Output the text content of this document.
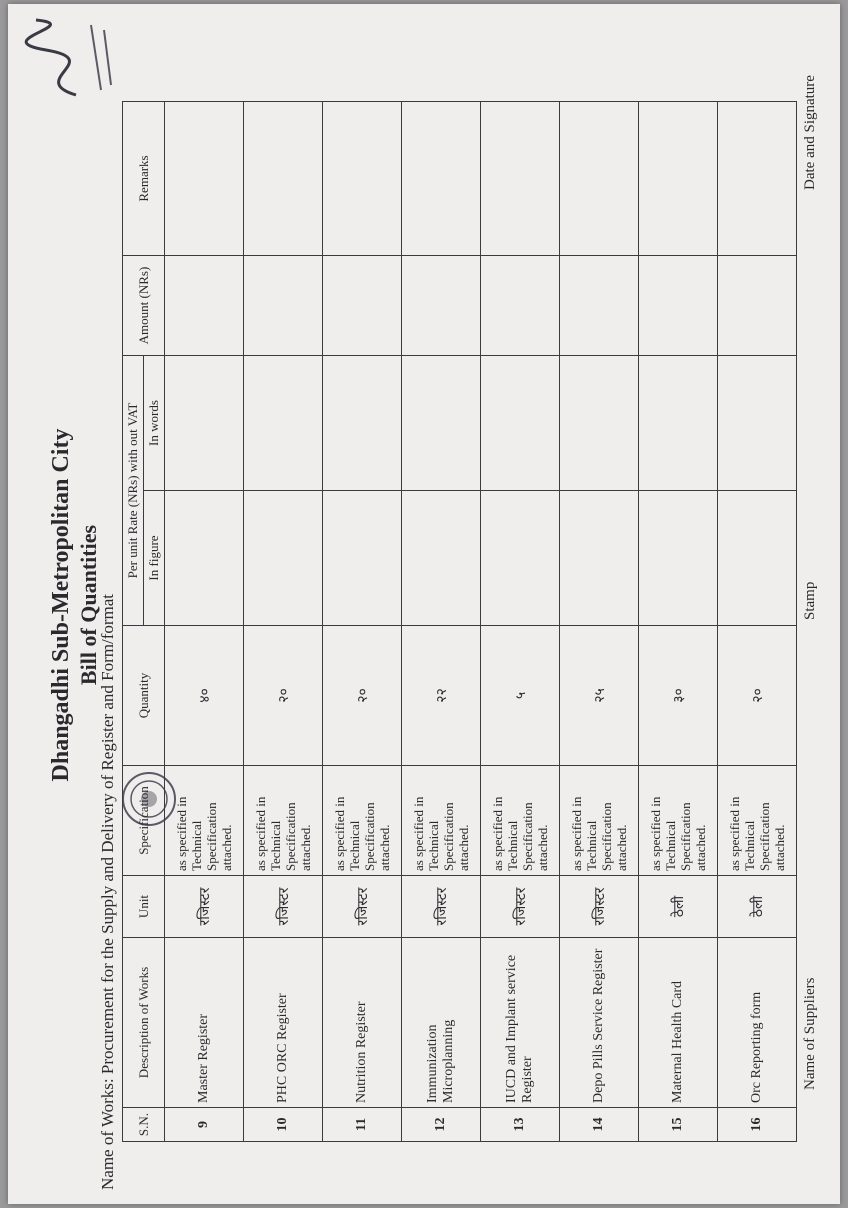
Dhangadhi Sub-Metropolitan City Bill of Quantities
Name of Works: Procurement for the Supply and Delivery of Register and Form/format S.N.	Description of Works	Unit	Specification	Quantity	Per unit Rate (NRs) with out VAT		Amount (NRs)	Remarks
					In figure	In words		
9	Master Register	रजिस्टर	as specified in Technical Specification attached.	४०				
10	PHC ORC Register	रजिस्टर	as specified in Technical Specification attached.	२०				
11	Nutrition Register	रजिस्टर	as specified in Technical Specification attached.	२०				
12	Immunization Microplanning	रजिस्टर	as specified in Technical Specification attached.	२२				
13	IUCD and Implant service Register	रजिस्टर	as specified in Technical Specification attached.	५				
14	Depo Pills Service Register	रजिस्टर	as specified in Technical Specification attached.	२५				
15	Maternal Health Card	ठेली	as specified in Technical Specification attached.	३०				
16	Orc Reporting form	ठेली	as specified in Technical Specification attached.	२०				
Name of Suppliers
Stamp
Date and Signature
